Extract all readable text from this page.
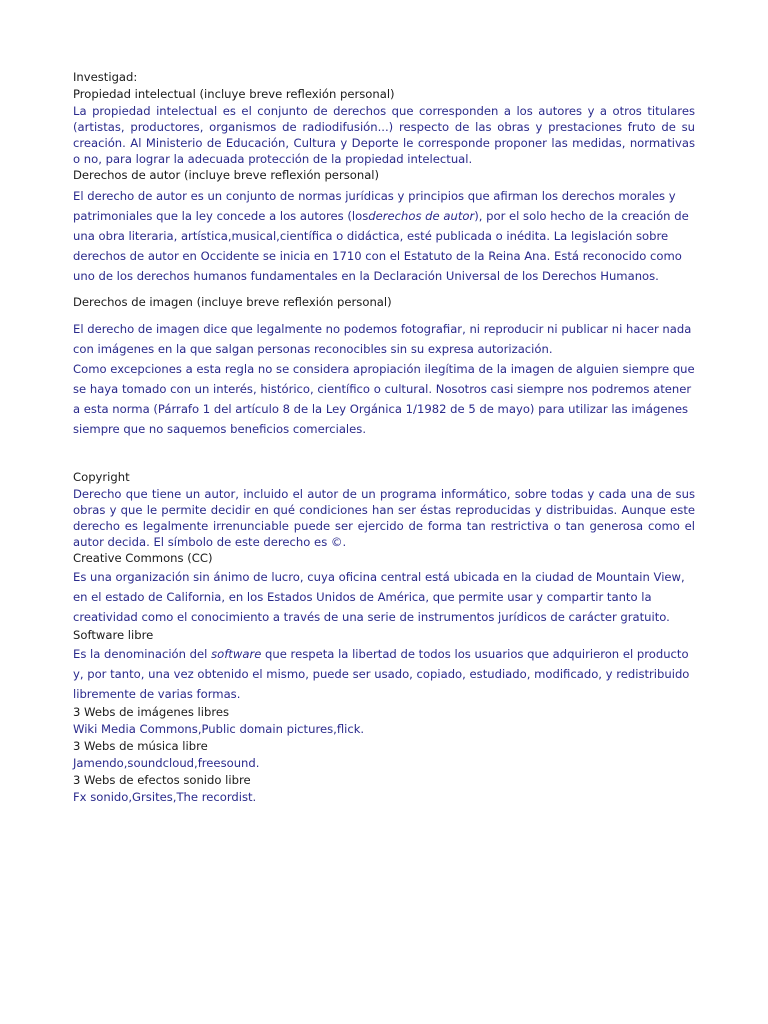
Investigad:

Propiedad intelectual (incluye breve reflexión personal)

La propiedad intelectual es el conjunto de derechos que corresponden a los autores y a otros titulares (artistas, productores, organismos de radiodifusión...) respecto de las obras y prestaciones fruto de su creación. Al Ministerio de Educación, Cultura y Deporte le corresponde proponer las medidas, normativas o no, para lograr la adecuada protección de la propiedad intelectual.

Derechos de autor (incluye breve reflexión personal)

El derecho de autor es un conjunto de normas jurídicas y principios que afirman los derechos morales y patrimoniales que la ley concede a los autores (losderechos de autor), por el solo hecho de la creación de una obra literaria, artística,musical,científica o didáctica, esté publicada o inédita. La legislación sobre derechos de autor en Occidente se inicia en 1710 con el Estatuto de la Reina Ana. Está reconocido como uno de los derechos humanos fundamentales en la Declaración Universal de los Derechos Humanos.

Derechos de imagen (incluye breve reflexión personal)

El derecho de imagen dice que legalmente no podemos fotografiar, ni reproducir ni publicar ni hacer nada con imágenes en la que salgan personas reconocibles sin su expresa autorización.

Como excepciones a esta regla no se considera apropiación ilegítima de la imagen de alguien siempre que se haya tomado con un interés, histórico, científico o cultural. Nosotros casi siempre nos podremos atener a esta norma (Párrafo 1 del artículo 8 de la Ley Orgánica 1/1982 de 5 de mayo) para utilizar las imágenes siempre que no saquemos beneficios comerciales.

Copyright

Derecho que tiene un autor, incluido el autor de un programa informático, sobre todas y cada una de sus obras y que le permite decidir en qué condiciones han ser éstas reproducidas y distribuidas. Aunque este derecho es legalmente irrenunciable puede ser ejercido de forma tan restrictiva o tan generosa como el autor decida. El símbolo de este derecho es ©.

Creative Commons (CC)

Es una organización sin ánimo de lucro, cuya oficina central está ubicada en la ciudad de Mountain View, en el estado de California, en los Estados Unidos de América, que permite usar y compartir tanto la creatividad como el conocimiento a través de una serie de instrumentos jurídicos de carácter gratuito.

Software libre

Es la denominación del software que respeta la libertad de todos los usuarios que adquirieron el producto y, por tanto, una vez obtenido el mismo, puede ser usado, copiado, estudiado, modificado, y redistribuido libremente de varias formas.

3 Webs de imágenes libres

Wiki Media Commons,Public domain pictures,flick.

3 Webs de música libre

Jamendo,soundcloud,freesound.

3 Webs de efectos sonido libre

Fx sonido,Grsites,The recordist.
